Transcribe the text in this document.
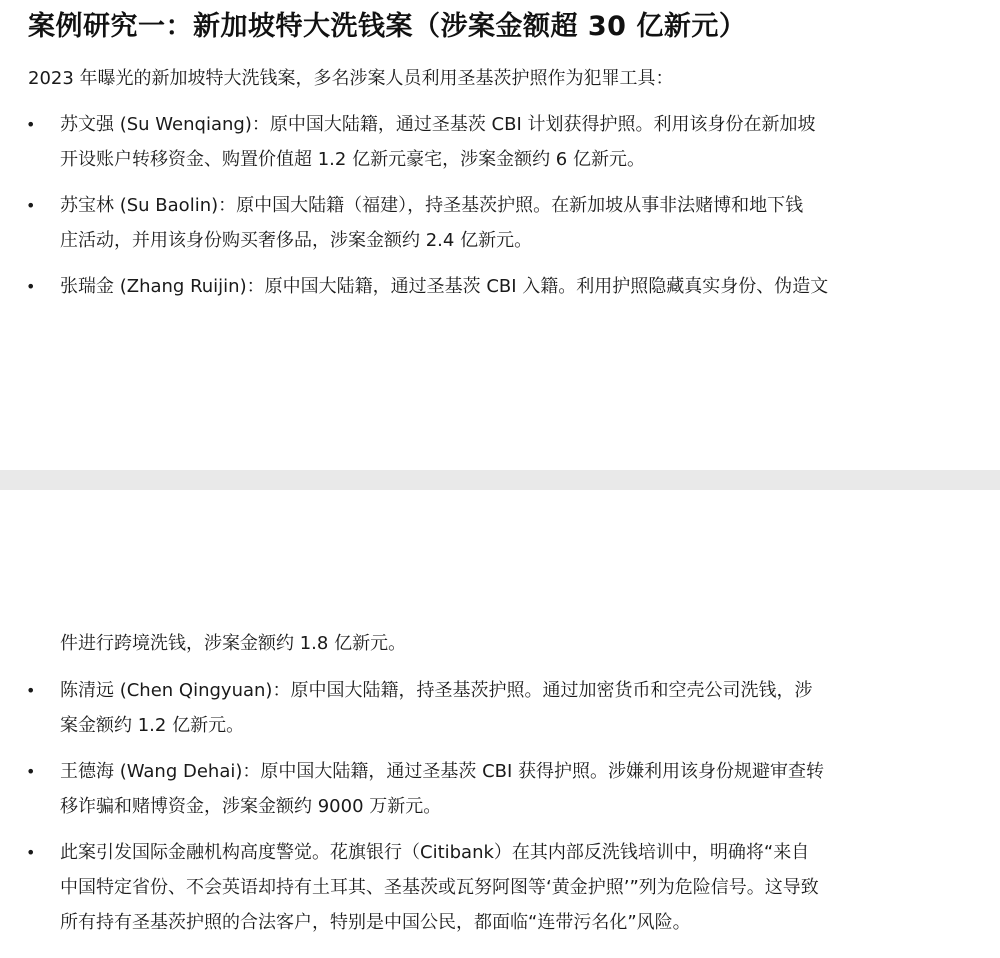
案例研究一：新加坡特大洗钱案（涉案金额超 30 亿新元）
2023 年曝光的新加坡特大洗钱案，多名涉案人员利用圣基茨护照作为犯罪工具：
• 苏文强 (Su Wenqiang)：原中国大陆籍，通过圣基茨 CBI 计划获得护照。利用该身份在新加坡
开设账户转移资金、购置价值超 1.2 亿新元豪宅，涉案金额约 6 亿新元。
• 苏宝林 (Su Baolin)：原中国大陆籍（福建），持圣基茨护照。在新加坡从事非法赌博和地下钱
庄活动，并用该身份购买奢侈品，涉案金额约 2.4 亿新元。
• 张瑞金 (Zhang Ruijin)：原中国大陆籍，通过圣基茨 CBI 入籍。利用护照隐藏真实身份、伪造文
件进行跨境洗钱，涉案金额约 1.8 亿新元。
• 陈清远 (Chen Qingyuan)：原中国大陆籍，持圣基茨护照。通过加密货币和空壳公司洗钱，涉
案金额约 1.2 亿新元。
• 王德海 (Wang Dehai)：原中国大陆籍，通过圣基茨 CBI 获得护照。涉嫌利用该身份规避审查转
移诈骗和赌博资金，涉案金额约 9000 万新元。
• 此案引发国际金融机构高度警觉。花旗银行（Citibank）在其内部反洗钱培训中，明确将“来自
中国特定省份、不会英语却持有土耳其、圣基茨或瓦努阿图等‘黄金护照’”列为危险信号。这导致
所有持有圣基茨护照的合法客户，特别是中国公民，都面临“连带污名化”风险。
